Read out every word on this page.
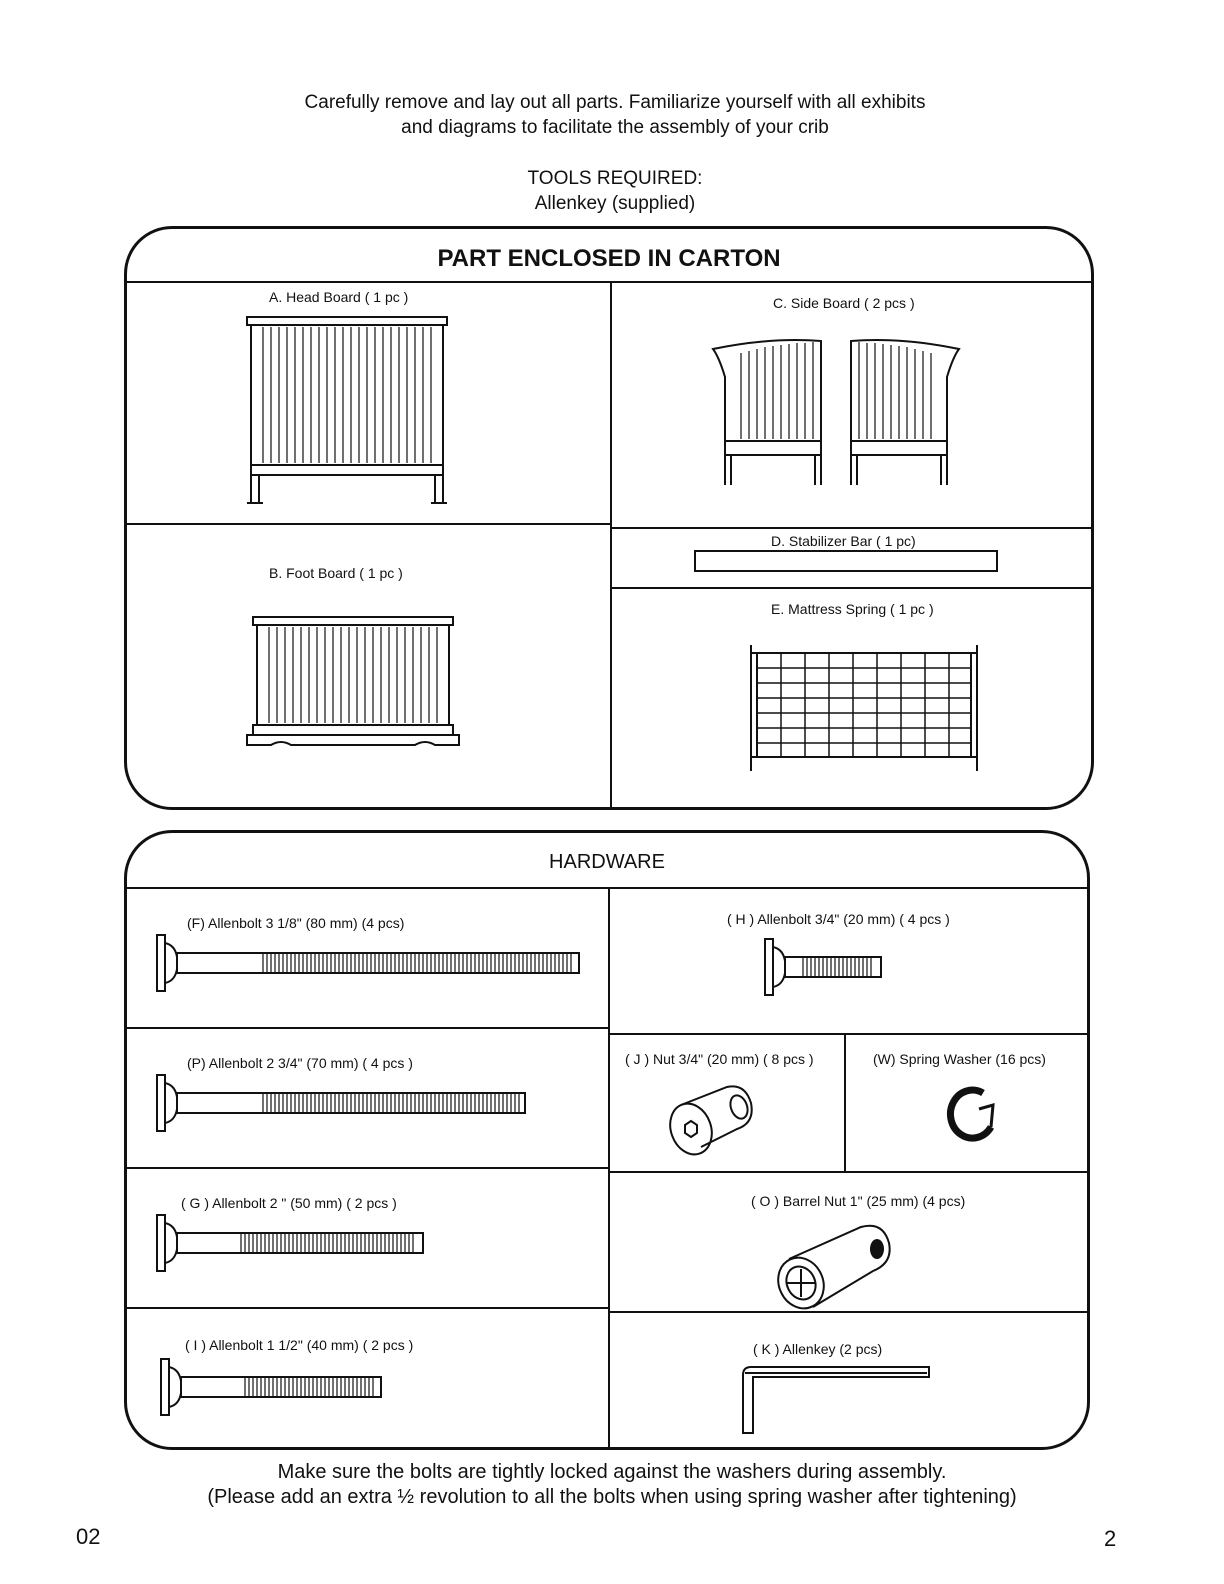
Carefully remove and lay out all parts. Familiarize yourself with all exhibits
and diagrams to facilitate the assembly of your crib
TOOLS REQUIRED:
Allenkey (supplied)
PART ENCLOSED IN CARTON
A. Head Board ( 1 pc )	C. Side Board ( 2 pcs )
B. Foot Board ( 1 pc )
D. Stabilizer Bar ( 1 pc)
E. Mattress Spring ( 1 pc )
HARDWARE
(F) Allenbolt 3 1/8" (80 mm) (4 pcs)	( H ) Allenbolt 3/4" (20 mm) ( 4 pcs )
(P) Allenbolt 2 3/4" (70 mm) ( 4 pcs )	( J ) Nut 3/4" (20 mm) ( 8 pcs )	(W) Spring Washer (16 pcs)
( G ) Allenbolt 2 " (50 mm) ( 2 pcs )	( O ) Barrel Nut 1" (25 mm) (4 pcs)
( I ) Allenbolt 1 1/2" (40 mm) ( 2 pcs )	( K ) Allenkey (2 pcs)
Make sure the bolts are tightly locked against the washers during assembly.
(Please add an extra ½ revolution to all the bolts when using spring washer after tightening)
02	2
